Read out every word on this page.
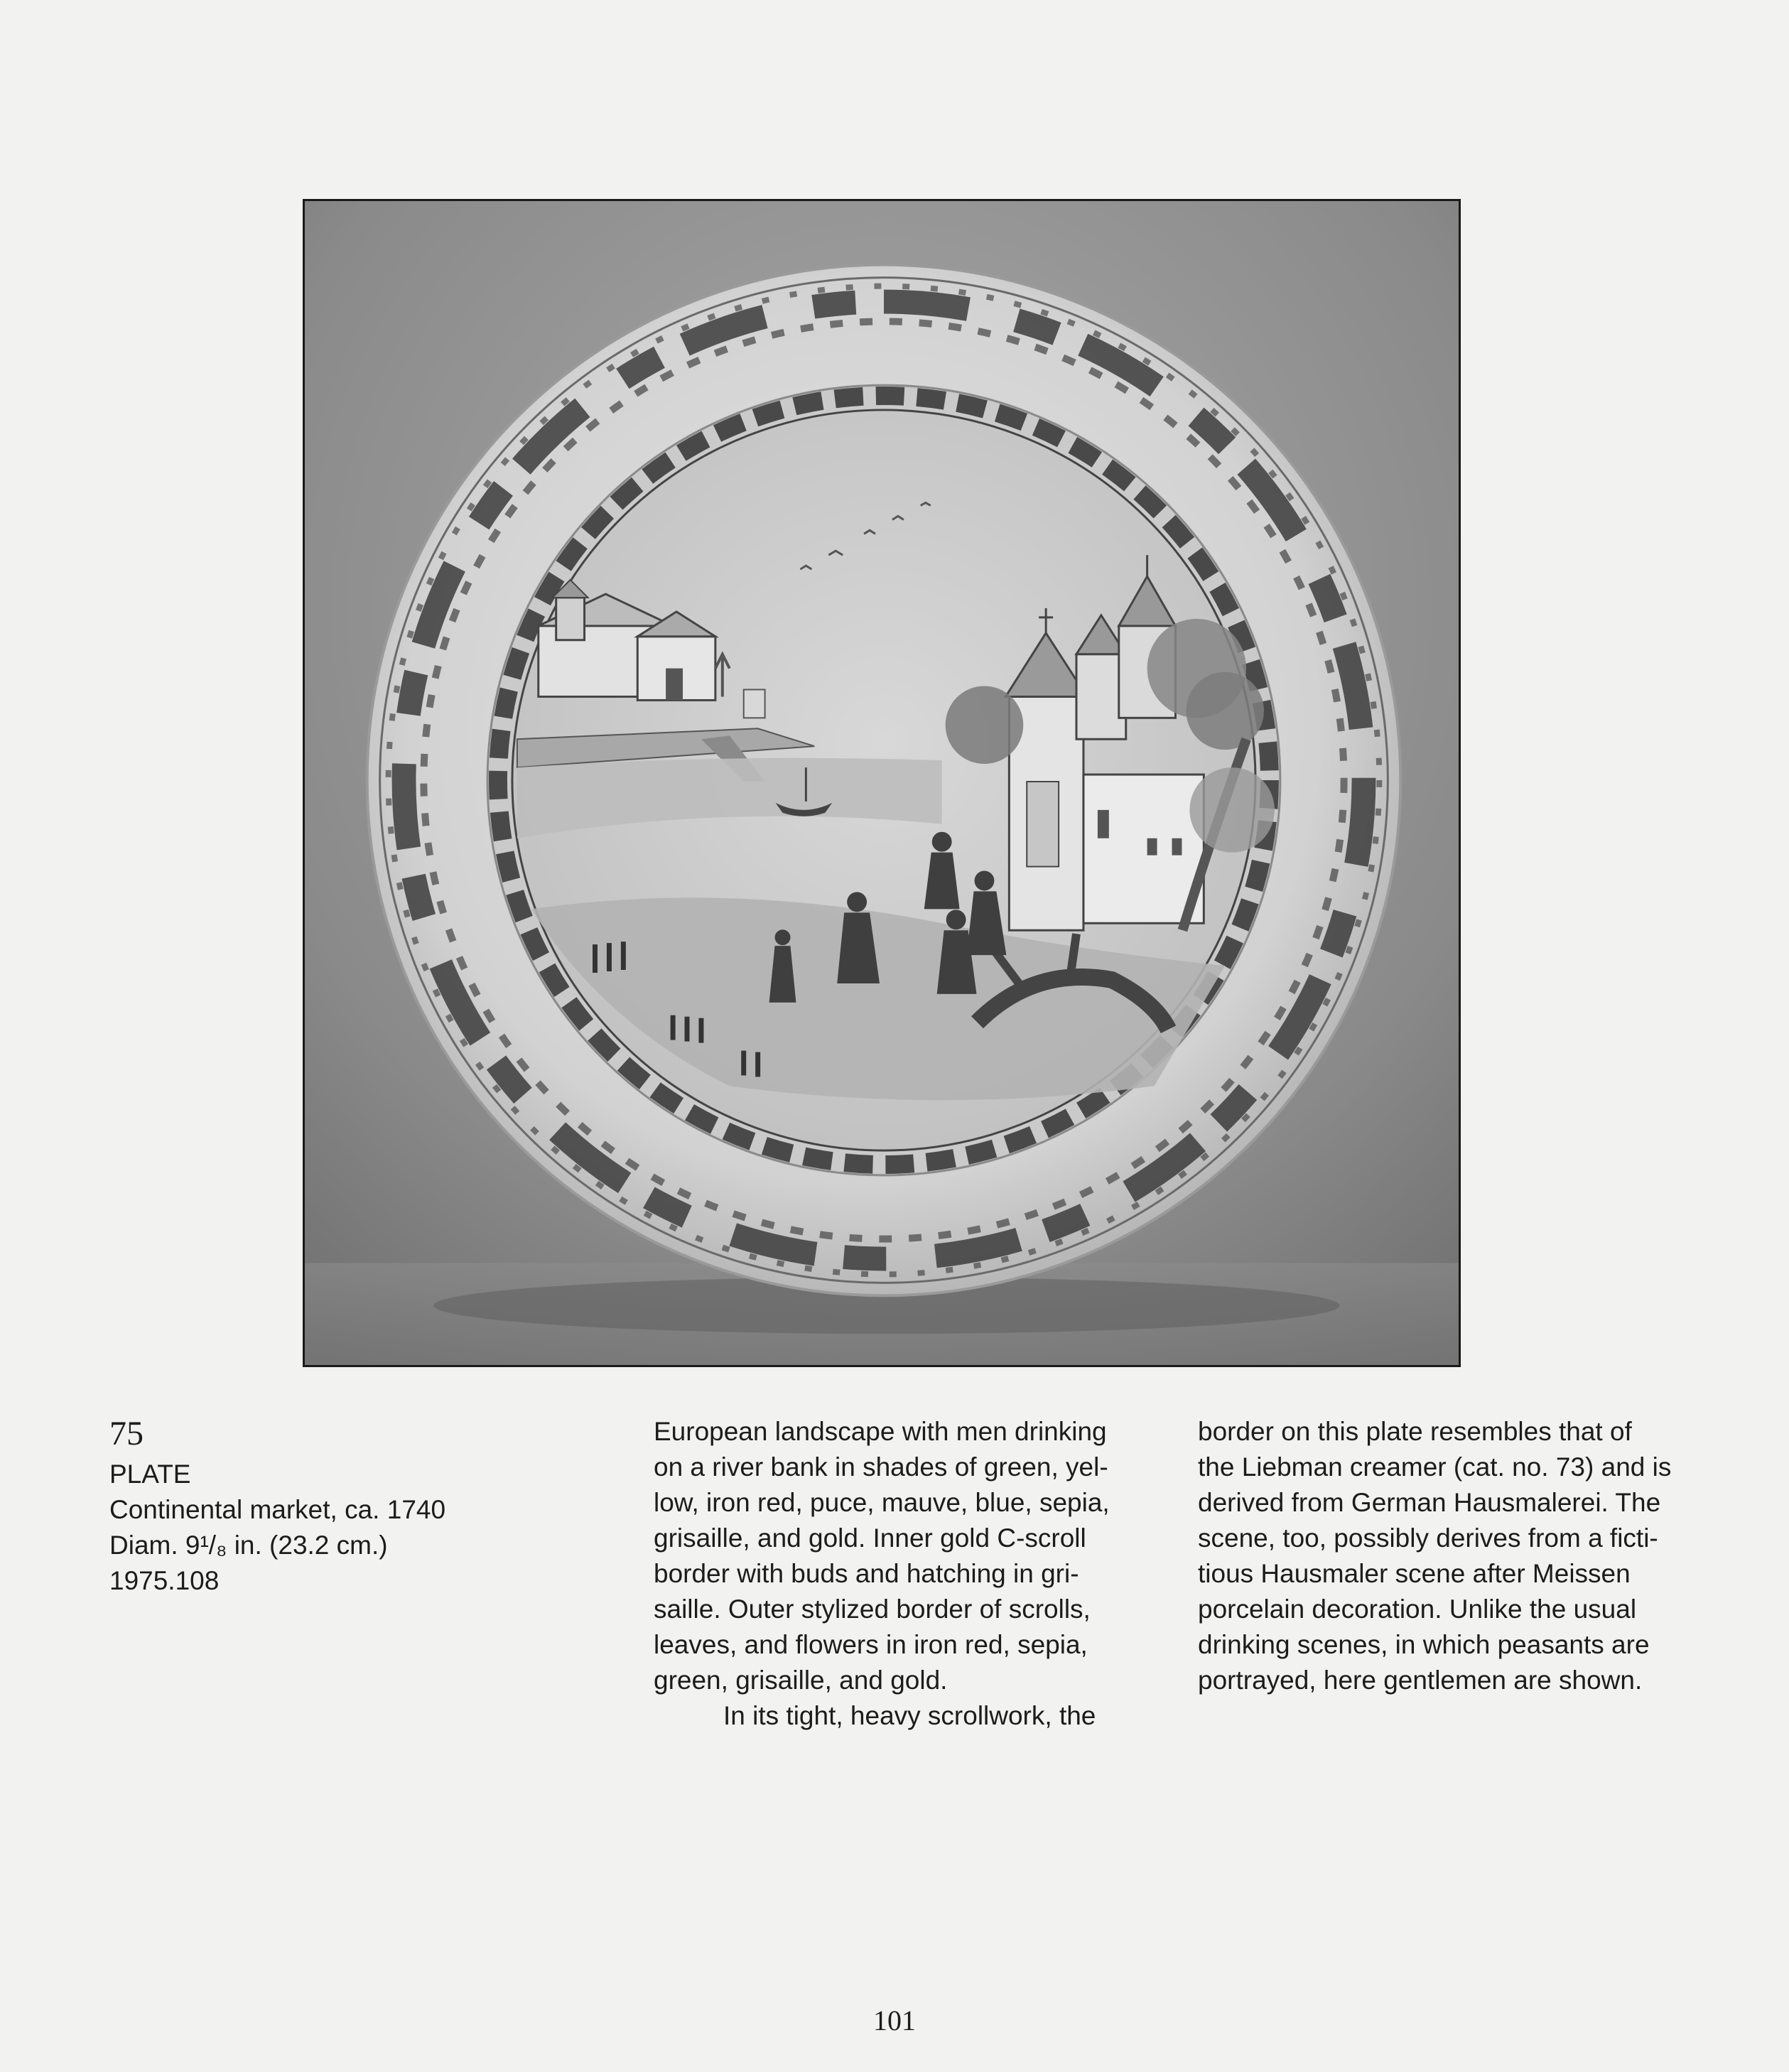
75
PLATE
Continental market, ca. 1740
Diam. 9¹/₈ in. (23.2 cm.)
1975.108

European landscape with men drinking
on a river bank in shades of green, yel-
low, iron red, puce, mauve, blue, sepia,
grisaille, and gold. Inner gold C-scroll
border with buds and hatching in gri-
saille. Outer stylized border of scrolls,
leaves, and flowers in iron red, sepia,
green, grisaille, and gold.

In its tight, heavy scrollwork, the

border on this plate resembles that of
the Liebman creamer (cat. no. 73) and is
derived from German Hausmalerei. The
scene, too, possibly derives from a ficti-
tious Hausmaler scene after Meissen
porcelain decoration. Unlike the usual
drinking scenes, in which peasants are
portrayed, here gentlemen are shown.

101
